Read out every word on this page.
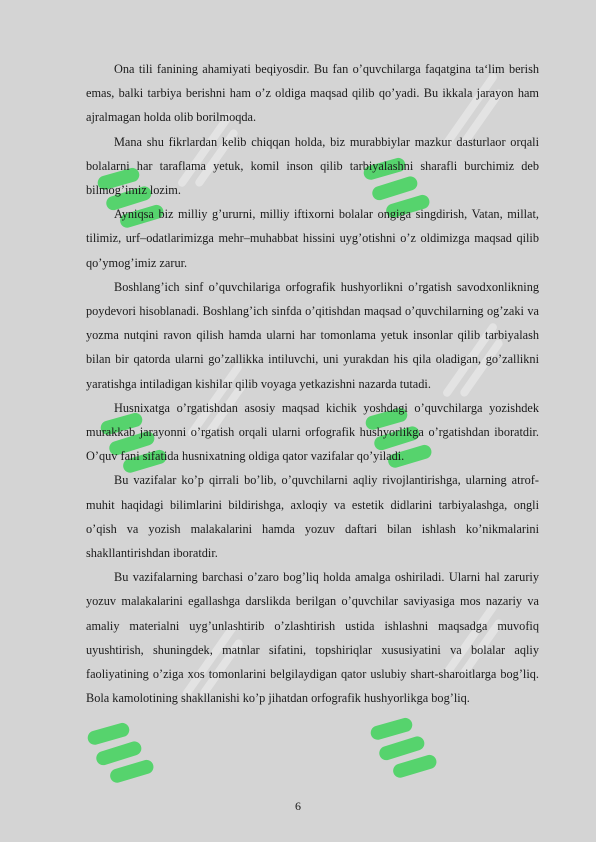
Ona tili fanining ahamiyati beqiyosdir. Bu fan o’quvchilarga faqatgina ta‘lim berish emas, balki tarbiya berishni ham o’z oldiga maqsad qilib qo’yadi. Bu ikkala jarayon ham ajralmagan holda olib borilmoqda.

Mana shu fikrlardan kelib chiqqan holda, biz murabbiylar mazkur dasturlaor orqali bolalarni har taraflama yetuk, komil inson qilib tarbiyalashni sharafli burchimiz deb bilmog’imiz lozim.

Ayniqsa biz milliy g’ururni, milliy iftixorni bolalar ongiga singdirish, Vatan, millat, tilimiz, urf–odatlarimizga mehr–muhabbat hissini uyg’otishni o’z oldimizga maqsad qilib qo’ymog’imiz zarur.

Boshlang’ich sinf o’quvchilariga orfografik hushyorlikni o’rgatish savodxonlikning poydevori hisoblanadi. Boshlang’ich sinfda o’qitishdan maqsad o’quvchilarning og’zaki va yozma nutqini ravon qilish hamda ularni har tomonlama yetuk insonlar qilib tarbiyalash bilan bir qatorda ularni go’zallikka intiluvchi, uni yurakdan his qila oladigan, go’zallikni yaratishga intiladigan kishilar qilib voyaga yetkazishni nazarda tutadi.

Husnixatga o’rgatishdan asosiy maqsad kichik yoshdagi o’quvchilarga yozishdek murakkab jarayonni o’rgatish orqali ularni orfografik hushyorlikga o’rgatishdan iboratdir. O’quv fani sifatida husnixatning oldiga qator vazifalar qo’yiladi.

Bu vazifalar ko’p qirrali bo’lib, o’quvchilarni aqliy rivojlantirishga, ularning atrof-muhit haqidagi bilimlarini bildirishga, axloqiy va estetik didlarini tarbiyalashga, ongli o’qish va yozish malakalarini hamda yozuv daftari bilan ishlash ko’nikmalarini shakllantirishdan iboratdir.

Bu vazifalarning barchasi o’zaro bog’liq holda amalga oshiriladi. Ularni hal zaruriy yozuv malakalarini egallashga darslikda berilgan o’quvchilar saviyasiga mos nazariy va amaliy materialni uyg’unlashtirib o’zlashtirish ustida ishlashni maqsadga muvofiq uyushtirish, shuningdek, matnlar sifatini, topshiriqlar xususiyatini va bolalar aqliy faoliyatining o’ziga xos tomonlarini belgilaydigan qator uslubiy shart-sharoitlarga bog’liq. Bola kamolotining shakllanishi ko’p jihatdan orfografik hushyorlikga bog’liq.

6
